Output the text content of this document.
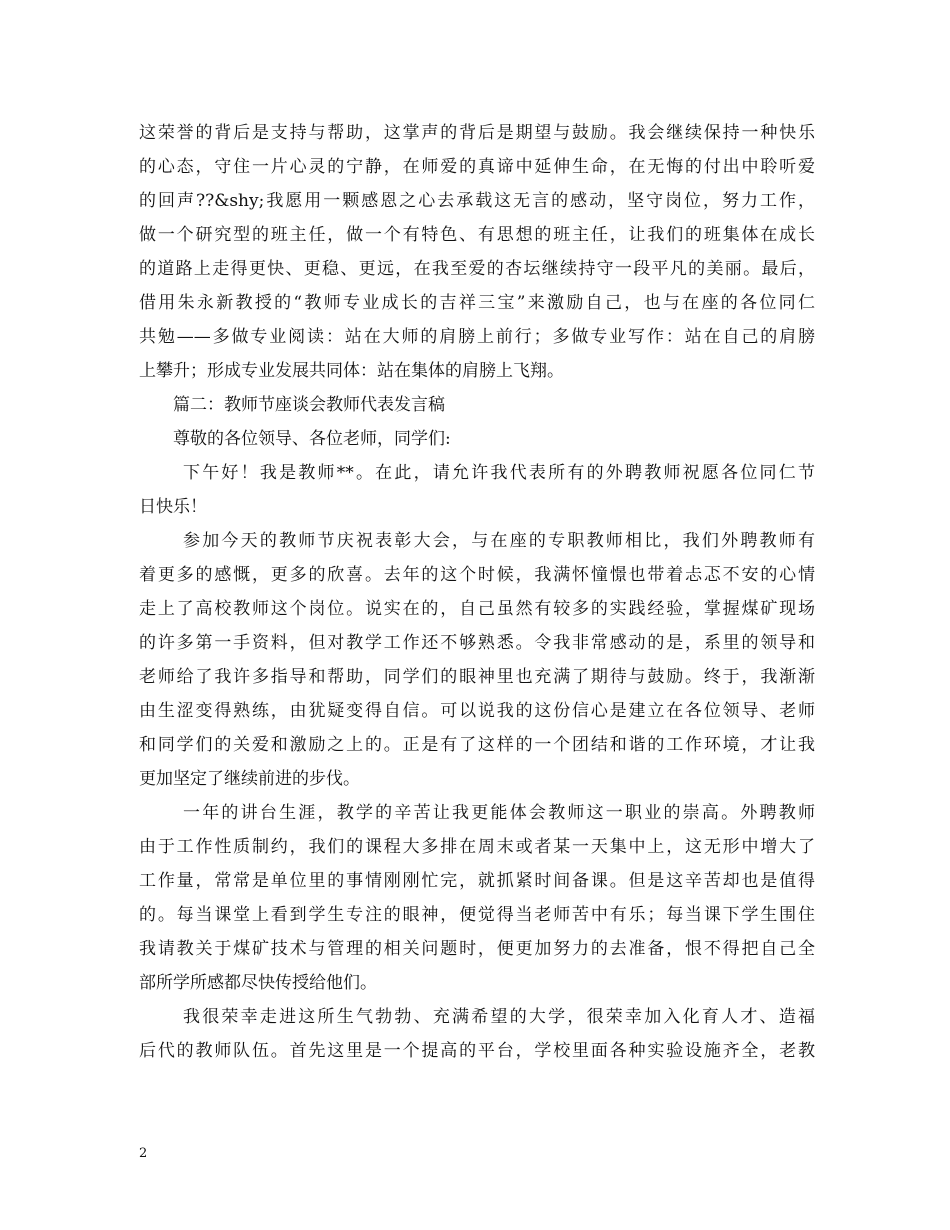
这荣誉的背后是支持与帮助，这掌声的背后是期望与鼓励。我会继续保持一种快乐
的心态，守住一片心灵的宁静，在师爱的真谛中延伸生命，在无悔的付出中聆听爱
的回声??&shy;我愿用一颗感恩之心去承载这无言的感动，坚守岗位，努力工作，
做一个研究型的班主任，做一个有特色、有思想的班主任，让我们的班集体在成长
的道路上走得更快、更稳、更远，在我至爱的杏坛继续持守一段平凡的美丽。最后，
借用朱永新教授的“教师专业成长的吉祥三宝”来激励自己，也与在座的各位同仁
共勉——多做专业阅读：站在大师的肩膀上前行；多做专业写作：站在自己的肩膀
上攀升；形成专业发展共同体：站在集体的肩膀上飞翔。
篇二：教师节座谈会教师代表发言稿
尊敬的各位领导、各位老师，同学们:
下午好！我是教师**。在此，请允许我代表所有的外聘教师祝愿各位同仁节
日快乐！
参加今天的教师节庆祝表彰大会，与在座的专职教师相比，我们外聘教师有
着更多的感慨，更多的欣喜。去年的这个时候，我满怀憧憬也带着忐忑不安的心情
走上了高校教师这个岗位。说实在的，自己虽然有较多的实践经验，掌握煤矿现场
的许多第一手资料，但对教学工作还不够熟悉。令我非常感动的是，系里的领导和
老师给了我许多指导和帮助，同学们的眼神里也充满了期待与鼓励。终于，我渐渐
由生涩变得熟练，由犹疑变得自信。可以说我的这份信心是建立在各位领导、老师
和同学们的关爱和激励之上的。正是有了这样的一个团结和谐的工作环境，才让我
更加坚定了继续前进的步伐。
一年的讲台生涯，教学的辛苦让我更能体会教师这一职业的崇高。外聘教师
由于工作性质制约，我们的课程大多排在周末或者某一天集中上，这无形中增大了
工作量，常常是单位里的事情刚刚忙完，就抓紧时间备课。但是这辛苦却也是值得
的。每当课堂上看到学生专注的眼神，便觉得当老师苦中有乐；每当课下学生围住
我请教关于煤矿技术与管理的相关问题时，便更加努力的去准备，恨不得把自己全
部所学所感都尽快传授给他们。
我很荣幸走进这所生气勃勃、充满希望的大学，很荣幸加入化育人才、造福
后代的教师队伍。首先这里是一个提高的平台，学校里面各种实验设施齐全，老教
2
